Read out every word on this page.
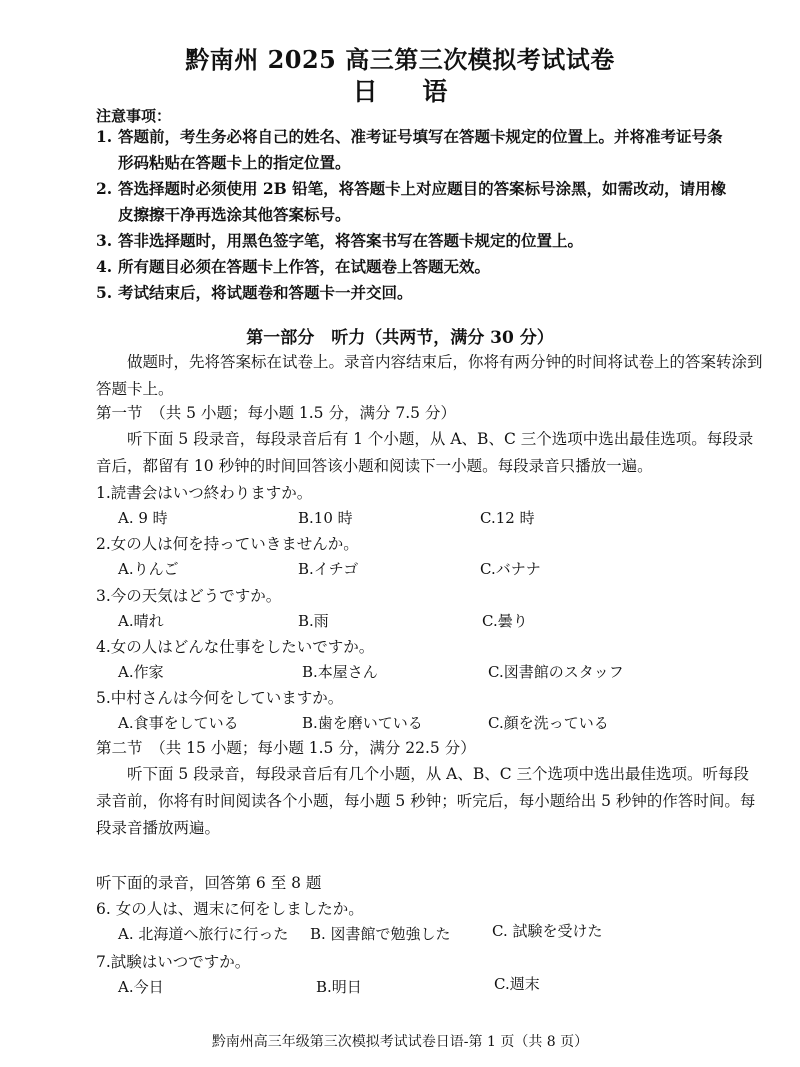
黔南州 2025 高三第三次模拟考试试卷
日 语
注意事项：
1. 答题前，考生务必将自己的姓名、准考证号填写在答题卡规定的位置上。并将准考证号条
形码粘贴在答题卡上的指定位置。
2. 答选择题时必须使用 2B 铅笔，将答题卡上对应题目的答案标号涂黑，如需改动，请用橡
皮擦擦干净再选涂其他答案标号。
3. 答非选择题时，用黑色签字笔，将答案书写在答题卡规定的位置上。
4. 所有题目必须在答题卡上作答，在试题卷上答题无效。
5. 考试结束后，将试题卷和答题卡一并交回。
第一部分　听力（共两节，满分 30 分）
做题时，先将答案标在试卷上。录音内容结束后，你将有两分钟的时间将试卷上的答案转涂到答题卡上。
第一节　（共 5 小题；每小题 1.5 分，满分 7.5 分）
听下面 5 段录音，每段录音后有 1 个小题，从 A、B、C 三个选项中选出最佳选项。每段录音后，都留有 10 秒钟的时间回答该小题和阅读下一小题。每段录音只播放一遍。
1.読書会はいつ終わりますか。
A. 9 時	B.10 時	C.12 時
2.女の人は何を持っていきませんか。
A.りんご	B.イチゴ	C.バナナ
3.今の天気はどうですか。
A.晴れ	B.雨	C.曇り
4.女の人はどんな仕事をしたいですか。
A.作家	B.本屋さん	C.図書館のスタッフ
5.中村さんは今何をしていますか。
A.食事をしている	B.歯を磨いている	C.顔を洗っている
第二节　（共 15 小题；每小题 1.5 分，满分 22.5 分）
听下面 5 段录音，每段录音后有几个小题，从 A、B、C 三个选项中选出最佳选项。听每段录音前，你将有时间阅读各个小题，每小题 5 秒钟；听完后，每小题给出 5 秒钟的作答时间。每段录音播放两遍。
听下面的录音，回答第 6 至 8 题
6. 女の人は、週末に何をしましたか。
A. 北海道へ旅行に行った B. 図書館で勉強した	C. 試験を受けた
7.試験はいつですか。
A.今日	B.明日	C.週末
黔南州高三年级第三次模拟考试试卷日语-第 1 页（共 8 页）
